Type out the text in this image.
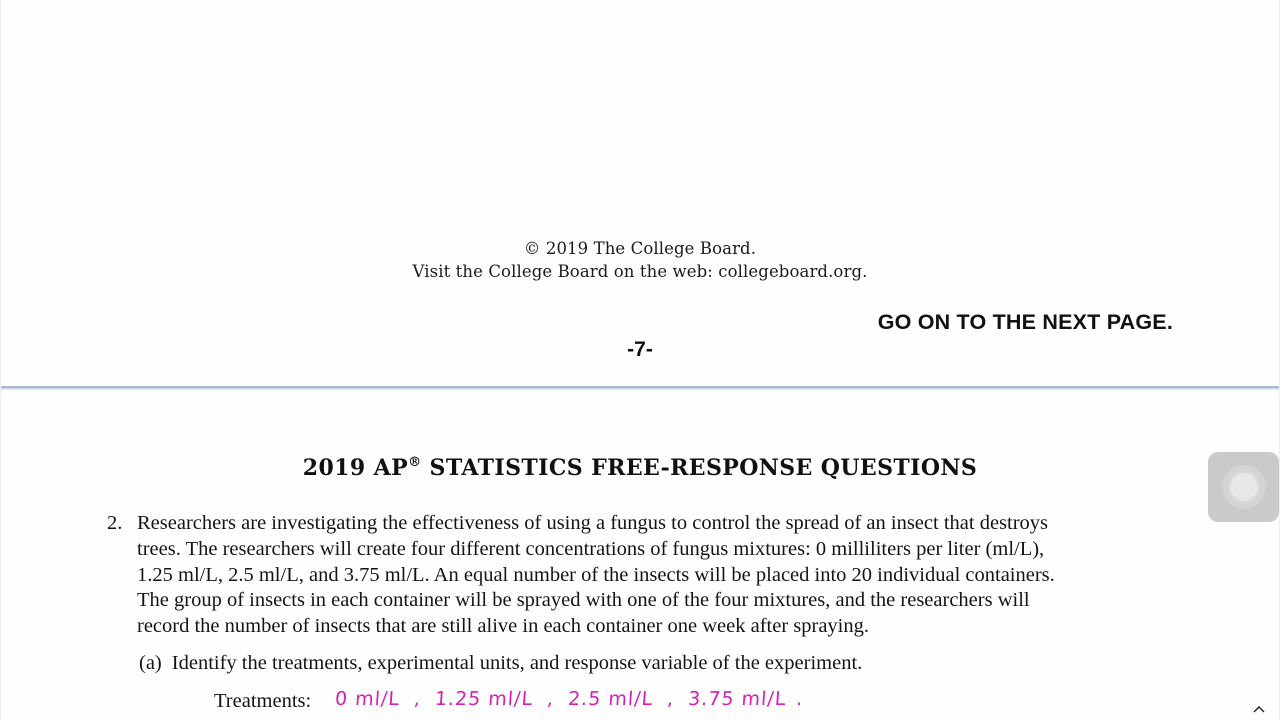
© 2019 The College Board.
Visit the College Board on the web: collegeboard.org.
GO ON TO THE NEXT PAGE.
-7-
2019 AP® STATISTICS FREE-RESPONSE QUESTIONS
2. Researchers are investigating the effectiveness of using a fungus to control the spread of an insect that destroys
trees. The researchers will create four different concentrations of fungus mixtures: 0 milliliters per liter (ml/L),
1.25 ml/L, 2.5 ml/L, and 3.75 ml/L. An equal number of the insects will be placed into 20 individual containers.
The group of insects in each container will be sprayed with one of the four mixtures, and the researchers will
record the number of insects that are still alive in each container one week after spraying.
(a) Identify the treatments, experimental units, and response variable of the experiment.
Treatments: 0 ml/L , 1.25 ml/L , 2.5 ml/L , 3.75 ml/L .
